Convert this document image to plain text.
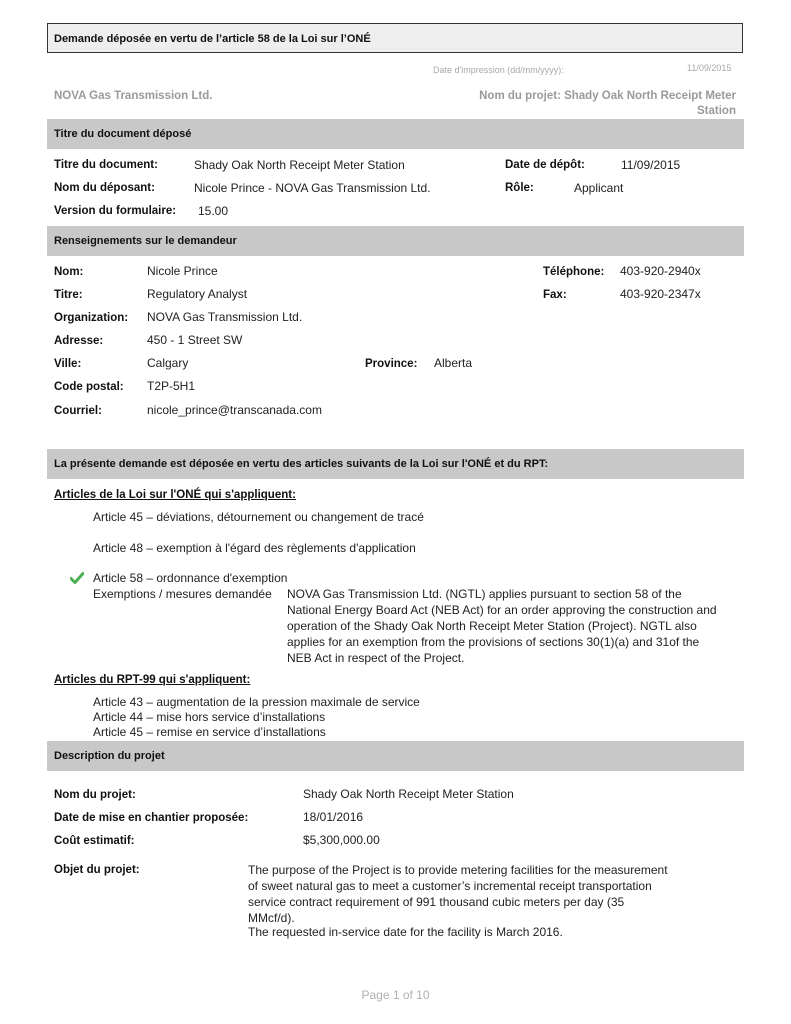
Demande déposée en vertu de l’article 58 de la Loi sur l’ONÉ
Date d'impression (dd/mm/yyyy):	11/09/2015
NOVA Gas Transmission Ltd.	Nom du projet: Shady Oak North Receipt Meter
Station
Titre du document déposé
Titre du document:	Shady Oak North Receipt Meter Station	Date de dépôt:	11/09/2015
Nom du déposant:	Nicole Prince - NOVA Gas Transmission Ltd.	Rôle:	Applicant
Version du formulaire: 15.00
Renseignements sur le demandeur
Nom:	Nicole Prince	Téléphone: 403-920-2940x
Titre:	Regulatory Analyst	Fax:	403-920-2347x
Organization: NOVA Gas Transmission Ltd.
Adresse:	450 - 1 Street SW
Ville:	Calgary	Province: Alberta
Code postal: T2P-5H1
Courriel:	nicole_prince@transcanada.com
La présente demande est déposée en vertu des articles suivants de la Loi sur l'ONÉ et du RPT:
Articles de la Loi sur l'ONÉ qui s'appliquent:
Article 45 – déviations, détournement ou changement de tracé
Article 48 – exemption à l'égard des règlements d'application
Article 58 – ordonnance d'exemption
Exemptions / mesures demandée NOVA Gas Transmission Ltd. (NGTL) applies pursuant to section 58 of the National Energy Board Act (NEB Act) for an order approving the construction and operation of the Shady Oak North Receipt Meter Station (Project). NGTL also applies for an exemption from the provisions of sections 30(1)(a) and 31of the NEB Act in respect of the Project.
Articles du RPT-99 qui s'appliquent:
Article 43 – augmentation de la pression maximale de service
Article 44 – mise hors service d’installations
Article 45 – remise en service d’installations
Description du projet
Nom du projet:	Shady Oak North Receipt Meter Station
Date de mise en chantier proposée:	18/01/2016
Coût estimatif:	$5,300,000.00
Objet du projet:	The purpose of the Project is to provide metering facilities for the measurement of sweet natural gas to meet a customer’s incremental receipt transportation service contract requirement of 991 thousand cubic meters per day (35 MMcf/d).
The requested in-service date for the facility is March 2016.
Page 1 of 10
